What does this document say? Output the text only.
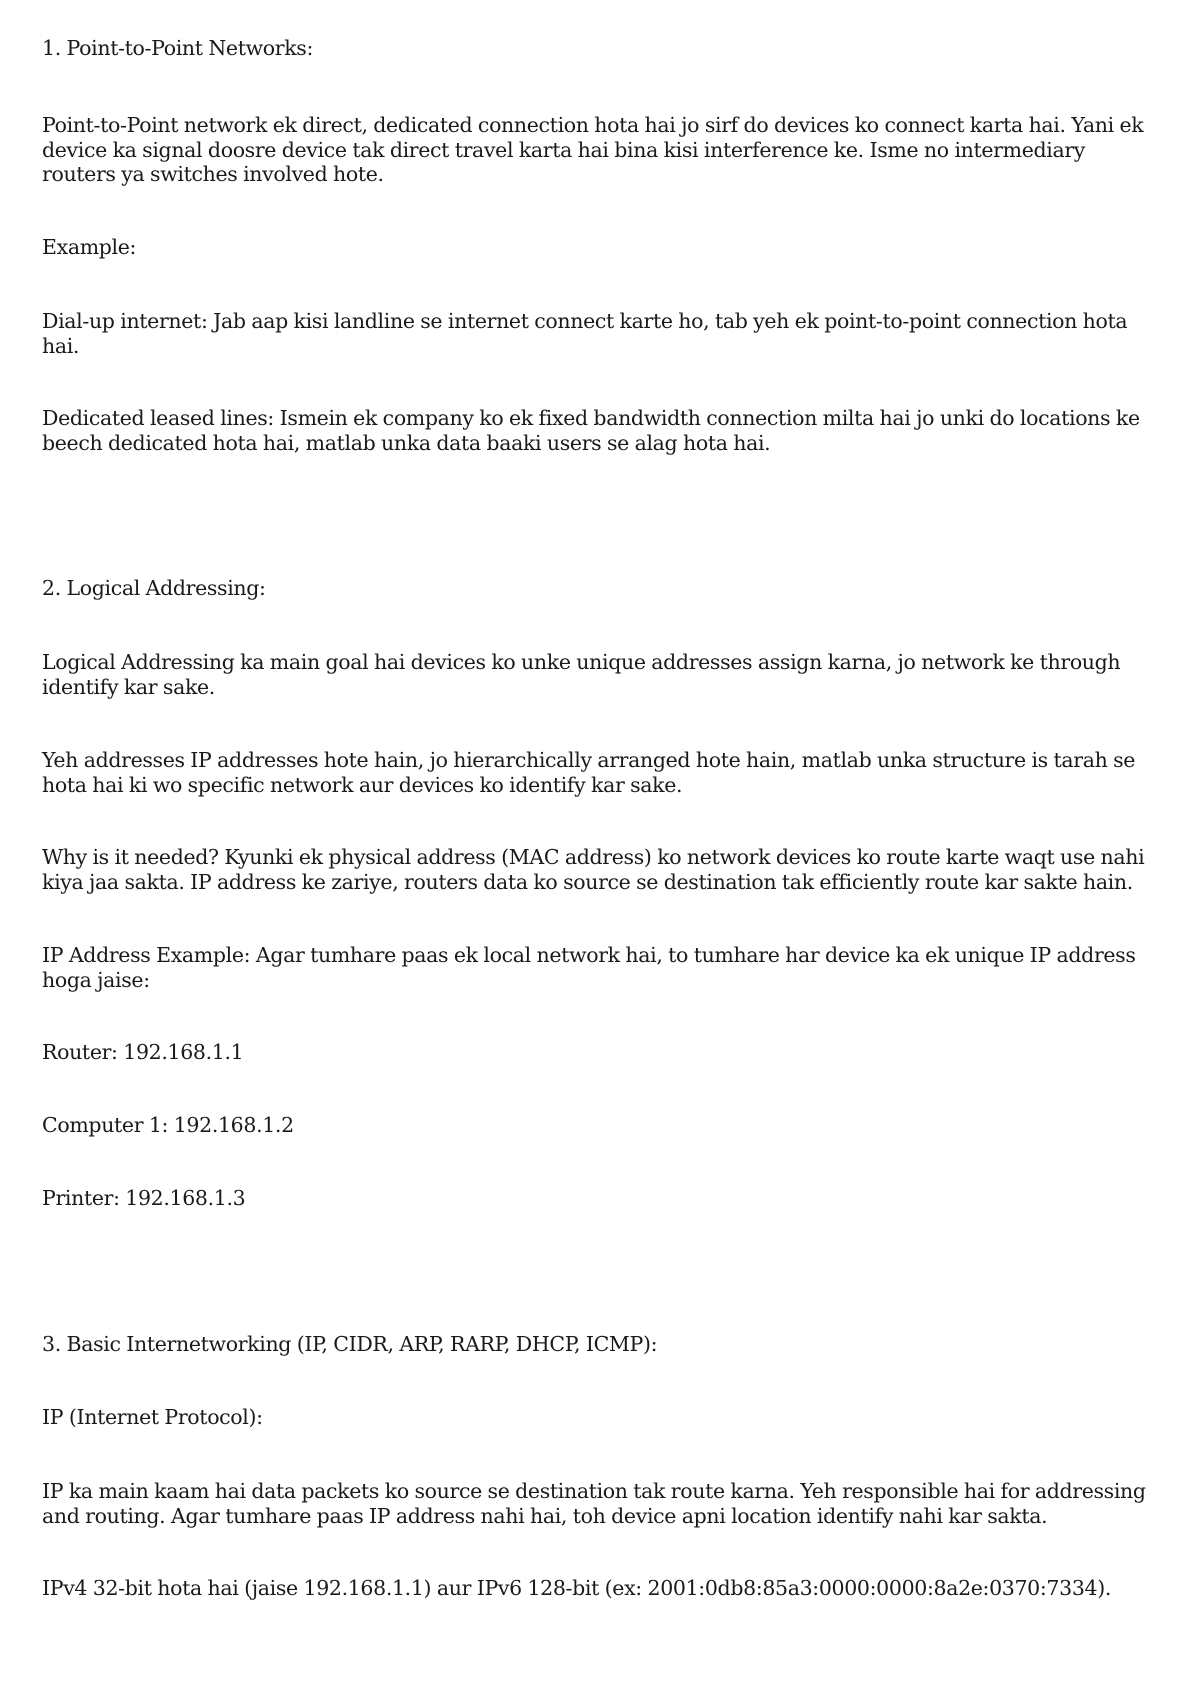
1. Point-to-Point Networks:

Point-to-Point network ek direct, dedicated connection hota hai jo sirf do devices ko connect karta hai. Yani ek device ka signal doosre device tak direct travel karta hai bina kisi interference ke. Isme no intermediary routers ya switches involved hote.

Example:

Dial-up internet: Jab aap kisi landline se internet connect karte ho, tab yeh ek point-to-point connection hota hai.

Dedicated leased lines: Ismein ek company ko ek fixed bandwidth connection milta hai jo unki do locations ke beech dedicated hota hai, matlab unka data baaki users se alag hota hai.

2. Logical Addressing:

Logical Addressing ka main goal hai devices ko unke unique addresses assign karna, jo network ke through identify kar sake.

Yeh addresses IP addresses hote hain, jo hierarchically arranged hote hain, matlab unka structure is tarah se hota hai ki wo specific network aur devices ko identify kar sake.

Why is it needed? Kyunki ek physical address (MAC address) ko network devices ko route karte waqt use nahi kiya jaa sakta. IP address ke zariye, routers data ko source se destination tak efficiently route kar sakte hain.

IP Address Example: Agar tumhare paas ek local network hai, to tumhare har device ka ek unique IP address hoga jaise:

Router: 192.168.1.1

Computer 1: 192.168.1.2

Printer: 192.168.1.3

3. Basic Internetworking (IP, CIDR, ARP, RARP, DHCP, ICMP):

IP (Internet Protocol):

IP ka main kaam hai data packets ko source se destination tak route karna. Yeh responsible hai for addressing and routing. Agar tumhare paas IP address nahi hai, toh device apni location identify nahi kar sakta.

IPv4 32-bit hota hai (jaise 192.168.1.1) aur IPv6 128-bit (ex: 2001:0db8:85a3:0000:0000:8a2e:0370:7334).
